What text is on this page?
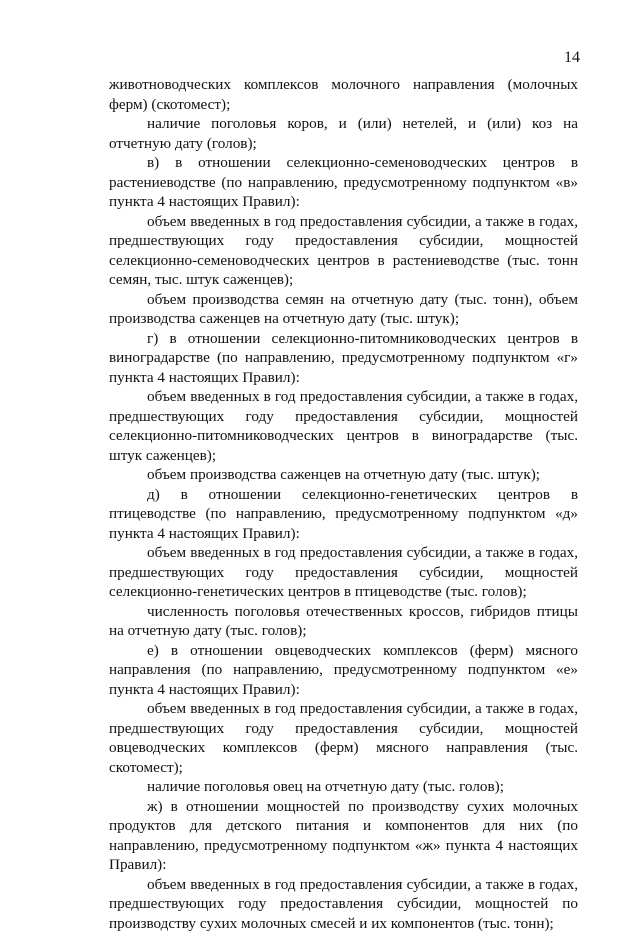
14

животноводческих комплексов молочного направления (молочных ферм) (скотомест);

наличие поголовья коров, и (или) нетелей, и (или) коз на отчетную дату (голов);

в) в отношении селекционно-семеноводческих центров в растениеводстве (по направлению, предусмотренному подпунктом «в» пункта 4 настоящих Правил):

объем введенных в год предоставления субсидии, а также в годах, предшествующих году предоставления субсидии, мощностей селекционно-семеноводческих центров в растениеводстве (тыс. тонн семян, тыс. штук саженцев);

объем производства семян на отчетную дату (тыс. тонн), объем производства саженцев на отчетную дату (тыс. штук);

г) в отношении селекционно-питомниководческих центров в виноградарстве (по направлению, предусмотренному подпунктом «г» пункта 4 настоящих Правил):

объем введенных в год предоставления субсидии, а также в годах, предшествующих году предоставления субсидии, мощностей селекционно-питомниководческих центров в виноградарстве (тыс. штук саженцев);

объем производства саженцев на отчетную дату (тыс. штук);

д) в отношении селекционно-генетических центров в птицеводстве (по направлению, предусмотренному подпунктом «д» пункта 4 настоящих Правил):

объем введенных в год предоставления субсидии, а также в годах, предшествующих году предоставления субсидии, мощностей селекционно-генетических центров в птицеводстве (тыс. голов);

численность поголовья отечественных кроссов, гибридов птицы на отчетную дату (тыс. голов);

е) в отношении овцеводческих комплексов (ферм) мясного направления (по направлению, предусмотренному подпунктом «е» пункта 4 настоящих Правил):

объем введенных в год предоставления субсидии, а также в годах, предшествующих году предоставления субсидии, мощностей овцеводческих комплексов (ферм) мясного направления (тыс. скотомест);

наличие поголовья овец на отчетную дату (тыс. голов);

ж) в отношении мощностей по производству сухих молочных продуктов для детского питания и компонентов для них (по направлению, предусмотренному подпунктом «ж» пункта 4 настоящих Правил):

объем введенных в год предоставления субсидии, а также в годах, предшествующих году предоставления субсидии, мощностей по производству сухих молочных смесей и их компонентов (тыс. тонн);
